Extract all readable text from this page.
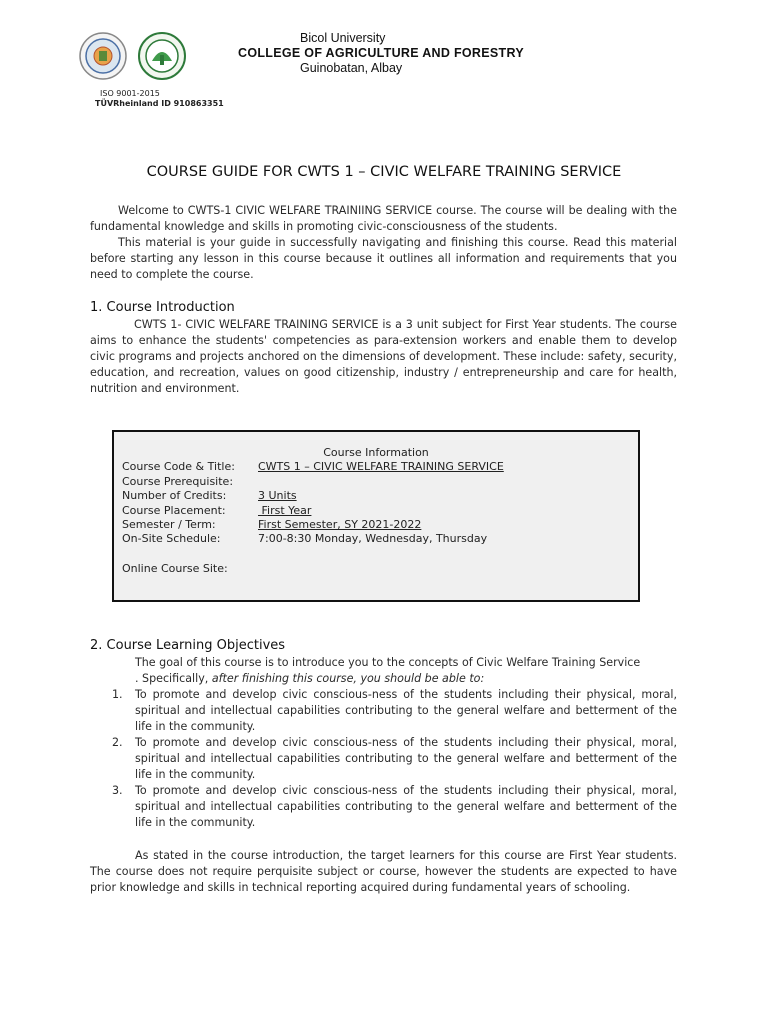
Bicol University
COLLEGE OF AGRICULTURE AND FORESTRY
Guinobatan, Albay
ISO 9001-2015
TÜVRheinland ID 910863351
COURSE GUIDE FOR CWTS 1 – CIVIC WELFARE TRAINING SERVICE

Welcome to CWTS-1 CIVIC WELFARE TRAINIING SERVICE course. The course will be dealing with the fundamental knowledge and skills in promoting civic-consciousness of the students.

This material is your guide in successfully navigating and finishing this course. Read this material before starting any lesson in this course because it outlines all information and requirements that you need to complete the course.

1. Course Introduction

CWTS 1- CIVIC WELFARE TRAINING SERVICE is a 3 unit subject for First Year students. The course aims to enhance the students' competencies as para-extension workers and enable them to develop civic programs and projects anchored on the dimensions of development. These include: safety, security, education, and recreation, values on good citizenship, industry / entrepreneurship and care for health, nutrition and environment.

Course Information
Course Code & Title:	CWTS 1 – CIVIC WELFARE TRAINING SERVICE
Course Prerequisite:
Number of Credits:	3 Units
Course Placement:	First Year
Semester / Term:	First Semester, SY 2021-2022
On-Site Schedule:	7:00-8:30 Monday, Wednesday, Thursday
Online Course Site:
2. Course Learning Objectives
The goal of this course is to introduce you to the concepts of Civic Welfare Training Service
. Specifically, after finishing this course, you should be able to:
1. To promote and develop civic conscious-ness of the students including their physical, moral, spiritual and intellectual capabilities contributing to the general welfare and betterment of the life in the community.
2. To promote and develop civic conscious-ness of the students including their physical, moral, spiritual and intellectual capabilities contributing to the general welfare and betterment of the life in the community.
3. To promote and develop civic conscious-ness of the students including their physical, moral, spiritual and intellectual capabilities contributing to the general welfare and betterment of the life in the community.

As stated in the course introduction, the target learners for this course are First Year students. The course does not require perquisite subject or course, however the students are expected to have prior knowledge and skills in technical reporting acquired during fundamental years of schooling.
